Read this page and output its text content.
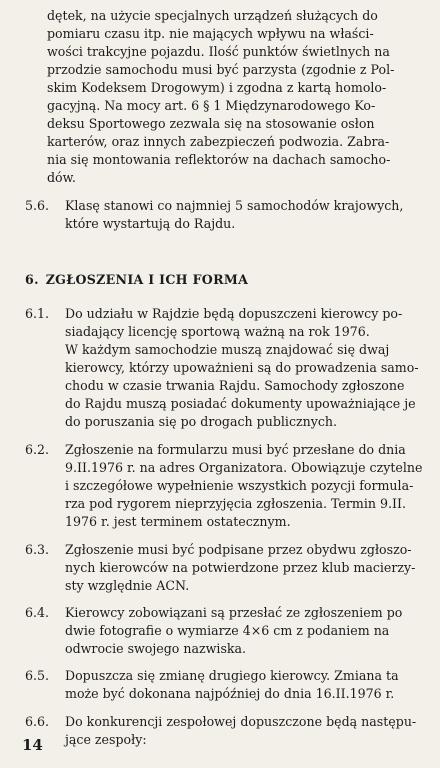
dętek, na użycie specjalnych urządzeń służących do
pomiaru czasu itp. nie mających wpływu na właści-
wości trakcyjne pojazdu. Ilość punktów świetlnych na
przodzie samochodu musi być parzysta (zgodnie z Pol-
skim Kodeksem Drogowym) i zgodna z kartą homolo-
gacyjną. Na mocy art. 6 § 1 Międzynarodowego Ko-
deksu Sportowego zezwala się na stosowanie osłon
karterów, oraz innych zabezpieczeń podwozia. Zabra-
nia się montowania reflektorów na dachach samocho-
dów.
5.6. Klasę stanowi co najmniej 5 samochodów krajowych,
które wystartują do Rajdu.
6. ZGŁOSZENIA I ICH FORMA
6.1. Do udziału w Rajdzie będą dopuszczeni kierowcy po-
siadający licencję sportową ważną na rok 1976.
W każdym samochodzie muszą znajdować się dwaj
kierowcy, którzy upoważnieni są do prowadzenia samo-
chodu w czasie trwania Rajdu. Samochody zgłoszone
do Rajdu muszą posiadać dokumenty upoważniające je
do poruszania się po drogach publicznych.
6.2. Zgłoszenie na formularzu musi być przesłane do dnia
9.II.1976 r. na adres Organizatora. Obowiązuje czytelne
i szczegółowe wypełnienie wszystkich pozycji formula-
rza pod rygorem nieprzyjęcia zgłoszenia. Termin 9.II.
1976 r. jest terminem ostatecznym.
6.3. Zgłoszenie musi być podpisane przez obydwu zgłoszo-
nych kierowców na potwierdzone przez klub macierzy-
sty względnie ACN.
6.4. Kierowcy zobowiązani są przesłać ze zgłoszeniem po
dwie fotografie o wymiarze 4×6 cm z podaniem na
odwrocie swojego nazwiska.
6.5. Dopuszcza się zmianę drugiego kierowcy. Zmiana ta
może być dokonana najpóźniej do dnia 16.II.1976 r.
6.6. Do konkurencji zespołowej dopuszczone będą następu-
jące zespoły:
14
